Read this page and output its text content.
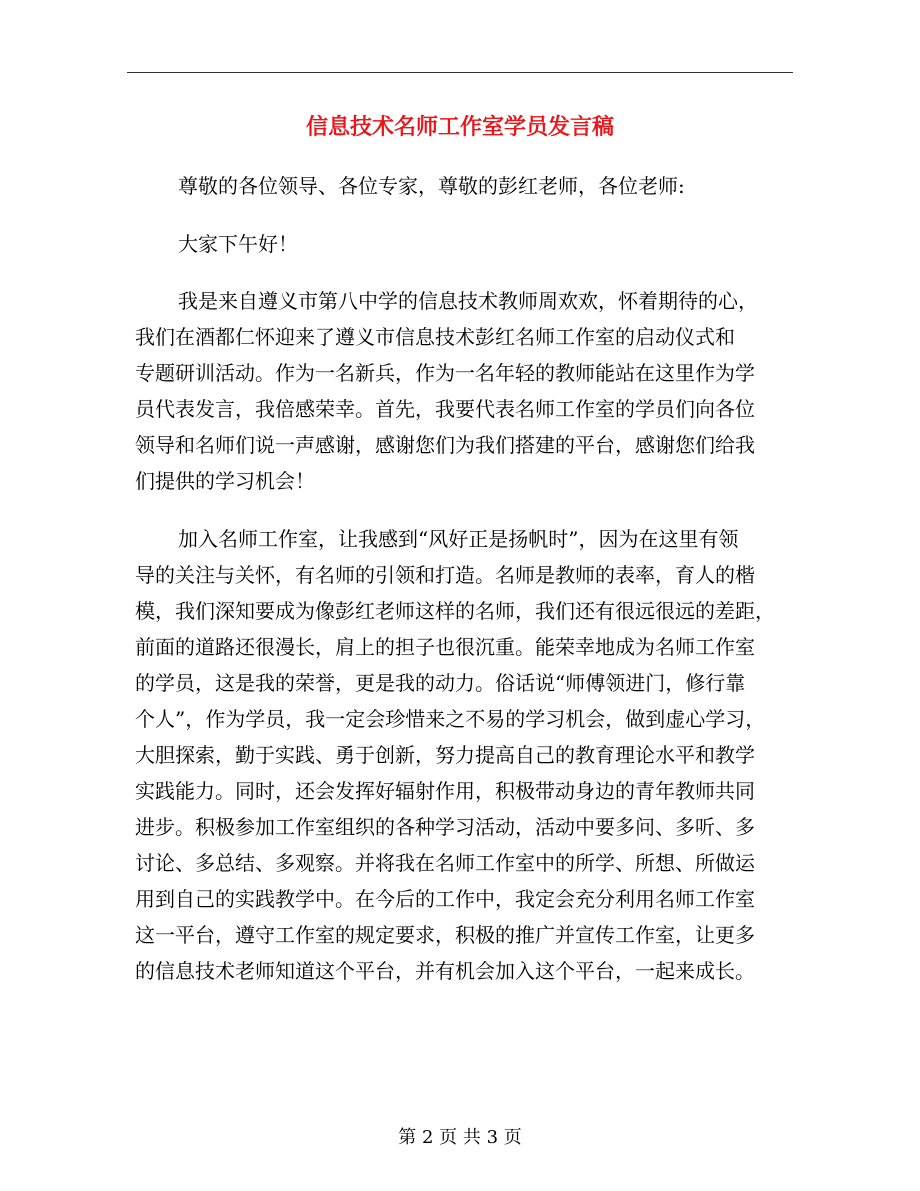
信息技术名师工作室学员发言稿
尊敬的各位领导、各位专家，尊敬的彭红老师，各位老师:
大家下午好！
我是来自遵义市第八中学的信息技术教师周欢欢，怀着期待的心，
我们在酒都仁怀迎来了遵义市信息技术彭红名师工作室的启动仪式和
专题研训活动。作为一名新兵，作为一名年轻的教师能站在这里作为学
员代表发言，我倍感荣幸。首先，我要代表名师工作室的学员们向各位
领导和名师们说一声感谢，感谢您们为我们搭建的平台，感谢您们给我
们提供的学习机会！
加入名师工作室，让我感到“风好正是扬帆时”，因为在这里有领
导的关注与关怀，有名师的引领和打造。名师是教师的表率，育人的楷
模，我们深知要成为像彭红老师这样的名师，我们还有很远很远的差距，
前面的道路还很漫长，肩上的担子也很沉重。能荣幸地成为名师工作室
的学员，这是我的荣誉，更是我的动力。俗话说“师傅领进门，修行靠
个人”，作为学员，我一定会珍惜来之不易的学习机会，做到虚心学习，
大胆探索，勤于实践、勇于创新，努力提高自己的教育理论水平和教学
实践能力。同时，还会发挥好辐射作用，积极带动身边的青年教师共同
进步。积极参加工作室组织的各种学习活动，活动中要多问、多听、多
讨论、多总结、多观察。并将我在名师工作室中的所学、所想、所做运
用到自己的实践教学中。在今后的工作中，我定会充分利用名师工作室
这一平台，遵守工作室的规定要求，积极的推广并宣传工作室，让更多
的信息技术老师知道这个平台，并有机会加入这个平台，一起来成长。
第 2 页 共 3 页
